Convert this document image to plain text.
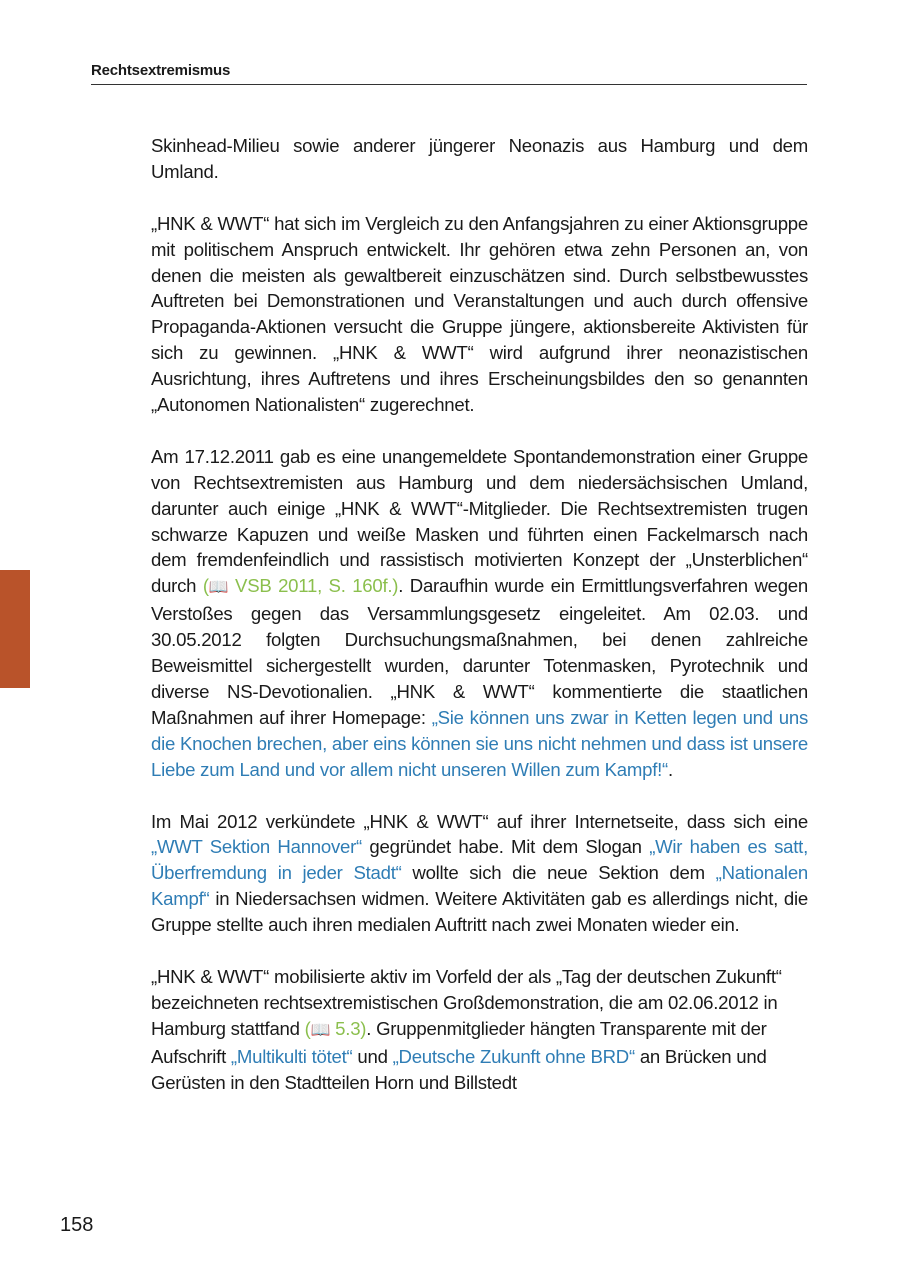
Rechtsextremismus

Skinhead-Milieu sowie anderer jüngerer Neonazis aus Hamburg und dem Umland.

„HNK & WWT“ hat sich im Vergleich zu den Anfangsjahren zu einer Aktionsgruppe mit politischem Anspruch entwickelt. Ihr gehören etwa zehn Personen an, von denen die meisten als gewaltbereit einzuschätzen sind. Durch selbstbewusstes Auftreten bei Demonstrationen und Veranstaltungen und auch durch offensive Propaganda-Aktionen versucht die Gruppe jüngere, aktionsbereite Aktivisten für sich zu gewinnen. „HNK & WWT“ wird aufgrund ihrer neonazistischen Ausrichtung, ihres Auftretens und ihres Erscheinungsbildes den so genannten „Autonomen Nationalisten“ zugerechnet.

Am 17.12.2011 gab es eine unangemeldete Spontandemonstration einer Gruppe von Rechtsextremisten aus Hamburg und dem niedersächsischen Umland, darunter auch einige „HNK & WWT“-Mitglieder. Die Rechtsextremisten trugen schwarze Kapuzen und weiße Masken und führten einen Fackelmarsch nach dem fremdenfeindlich und rassistisch motivierten Konzept der „Unsterblichen“ durch (📖 VSB 2011, S. 160f.). Daraufhin wurde ein Ermittlungsverfahren wegen Verstoßes gegen das Versammlungsgesetz eingeleitet. Am 02.03. und 30.05.2012 folgten Durchsuchungsmaßnahmen, bei denen zahlreiche Beweismittel sichergestellt wurden, darunter Totenmasken, Pyrotechnik und diverse NS-Devotionalien. „HNK & WWT“ kommentierte die staatlichen Maßnahmen auf ihrer Homepage: „Sie können uns zwar in Ketten legen und uns die Knochen brechen, aber eins können sie uns nicht nehmen und dass ist unsere Liebe zum Land und vor allem nicht unseren Willen zum Kampf!“.

Im Mai 2012 verkündete „HNK & WWT“ auf ihrer Internetseite, dass sich eine „WWT Sektion Hannover“ gegründet habe. Mit dem Slogan „Wir haben es satt, Überfremdung in jeder Stadt“ wollte sich die neue Sektion dem „Nationalen Kampf“ in Niedersachsen widmen. Weitere Aktivitäten gab es allerdings nicht, die Gruppe stellte auch ihren medialen Auftritt nach zwei Monaten wieder ein.

„HNK & WWT“ mobilisierte aktiv im Vorfeld der als „Tag der deutschen Zukunft“ bezeichneten rechtsextremistischen Großdemonstration, die am 02.06.2012 in Hamburg stattfand (📖 5.3). Gruppenmitglieder hängten Transparente mit der Aufschrift „Multikulti tötet“ und „Deutsche Zukunft ohne BRD“ an Brücken und Gerüsten in den Stadtteilen Horn und Billstedt

158
